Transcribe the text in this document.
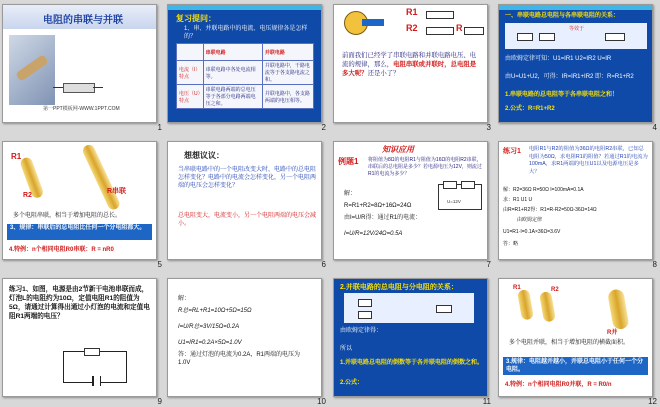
电阻的串联与并联
第一PPT模板网-WWW.1PPT.COM
1
复习提问：
1、串、并联电路中的电流、电压规律各是怎样的？
	串联电路	并联电路
电流（I）特点	串联电路中各处电流相等。	并联电路中，干路电流等于各支路电流之和。
电压（U）特点	串联电路两端的总电压等于各部分电路两端电压之和。	并联电路中，各支路两端的电压相等。
2
R1
R2	R
前面我们已经学了串联电路和并联电路电压、电流的规律，那么，电阻串联或并联时，总电阻是多大呢？还是小了？
3
一、串联电路总电阻与各串联电阻的关系：
等效于
由欧姆定律可知：U1=IR1 U2=IR2 U=IR
由U=U1+U2，可得：IR=IR1+IR2 即：R=R1+R2
1.串联电路的总电阻等于各串联电阻之和！
2.公式：R=R1+R2
4
R1
R2
R串联
多个电阻串联，相当于增加电阻的总长。
3、规律：串联后的总电阻比任何一个分电阻都大。
4.特例：n个相同电阻R0串联：R = nR0
5
想想议议：
当串联电路中的一个电阻改变大时，电路中的总电阻怎样变化？电路中的电流会怎样变化，另一个电阻两端的电压会怎样变化？
总电阻变大，电流变小，另一个电阻两端的电压会减小。
6
知识应用
例题1 将阻值为8Ω的电阻R1与阻值为16Ω的电阻R2串联，串联后的总电阻是多少？若电源电压为12V，则流过R1的电流为多少？
U=12V
解：
R=R1+R2=8Ω+16Ω=24Ω
由I=U/R得：通过R1的电流：
I=U/R=12V/24Ω=0.5A
7
练习1 电阻R1与R2的阻值为36Ω的电阻R2串联，已知总电阻为50Ω，求电阻R1的阻值？若通过R1的电流为100mA，求R1两端的电压U1以及电源电压是多大？
解：R2=36Ω R=50Ω I=100mA=0.1A
求：R1 U1 U
由R=R1+R2得：R1=R-R2=50Ω-36Ω=14Ω
由欧姆定律
U1=R1·I=0.1A×36Ω=3.6V
答：略
8
练习1、如图，电源是由2节新干电池串联而成，灯泡L的电阻约为10Ω，定值电阻R1的阻值为5Ω，请通过计算得出通过小灯泡的电流和定值电阻R1两端的电压？
9
解：
R总=RL+R1=10Ω+5Ω=15Ω
I=U/R总=3V/15Ω=0.2A
U1=IR1=0.2A×5Ω=1.0V
答：通过灯泡的电流为0.2A，R1两端的电压为1.0V
10
2.并联电路的总电阻与分电阻的关系：
由欧姆定律得：
所以
1.并联电路总电阻的倒数等于各并联电阻的倒数之和。
2.公式：
11
R1	R2
R并
多个电阻并联，相当于增加电阻的横截面积。
3.规律：电阻越并越小，并联总电阻小于任何一个分电阻。
4.特例：n个相同电阻R0并联，R = R0/n
12
